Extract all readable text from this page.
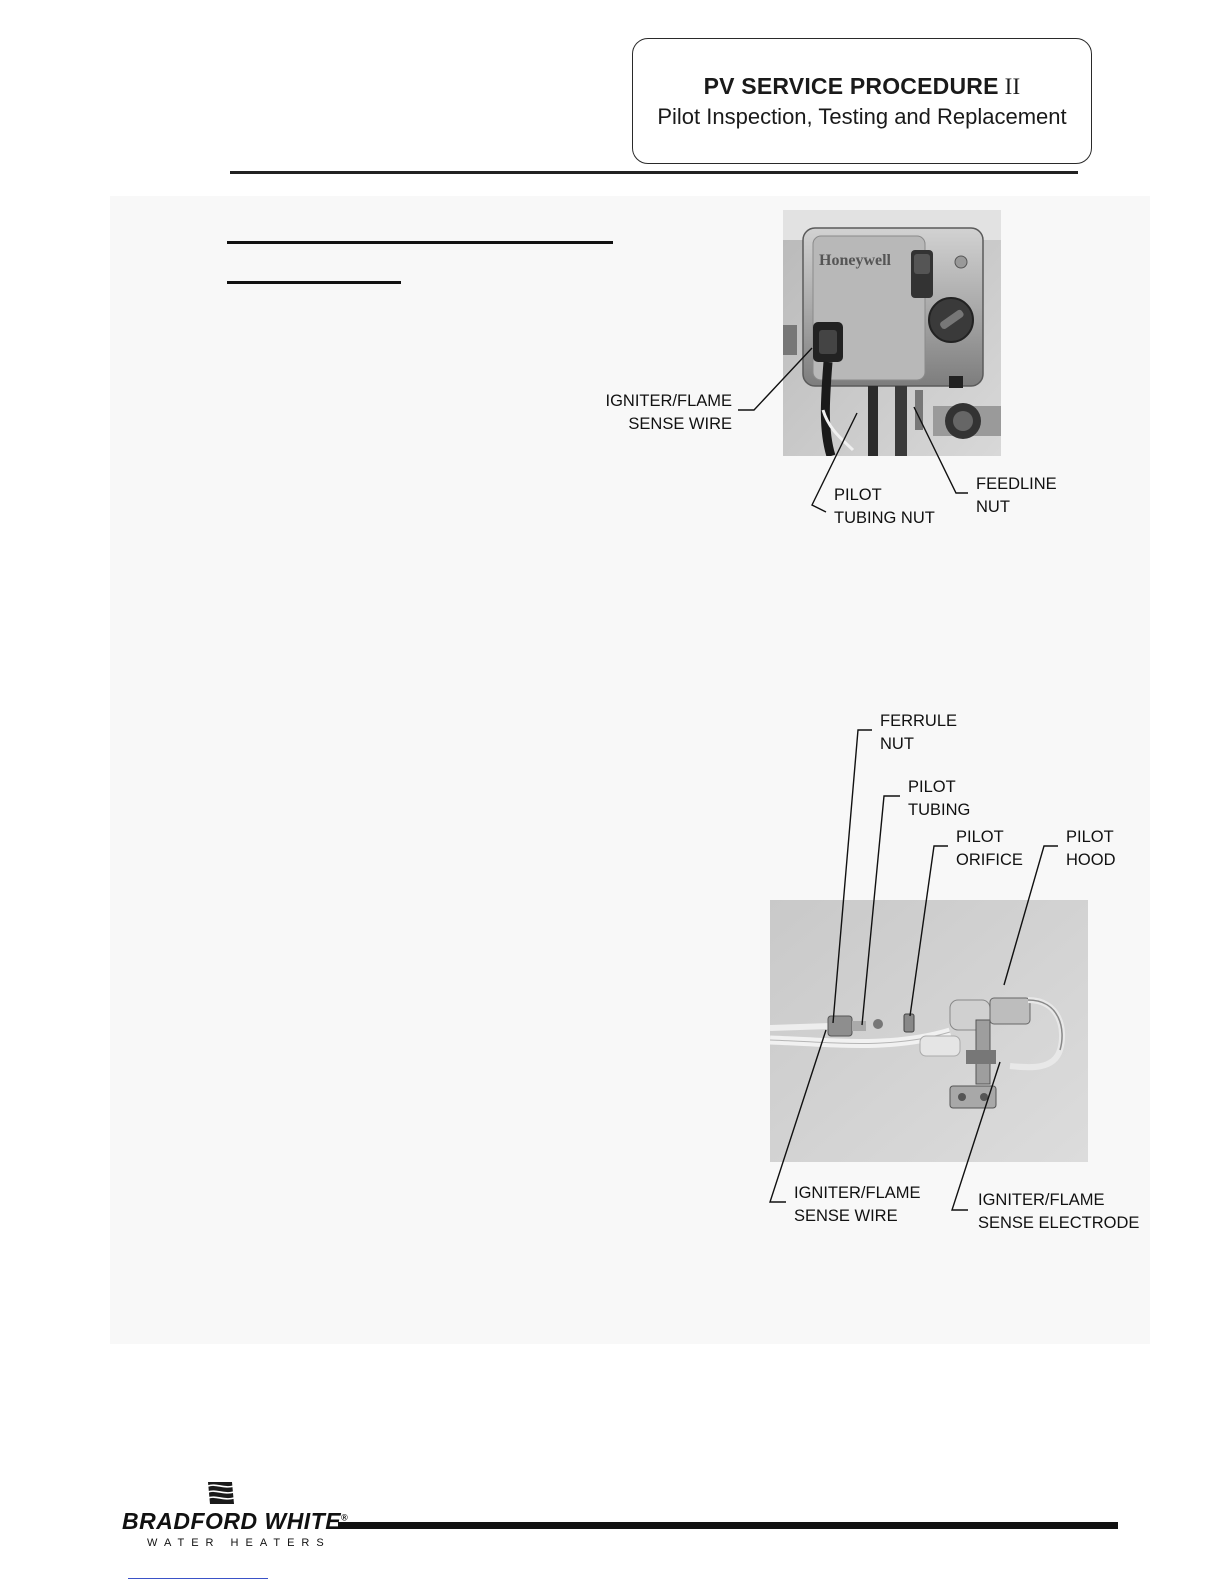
PV SERVICE PROCEDURE II
Pilot Inspection, Testing and Replacement
Honeywell
IGNITER/FLAME
SENSE WIRE
PILOT
TUBING NUT
FEEDLINE
NUT
FERRULE
NUT
PILOT
TUBING
PILOT
ORIFICE
PILOT
HOOD
IGNITER/FLAME
SENSE WIRE
IGNITER/FLAME
SENSE ELECTRODE
BRADFORD WHITE®
WATER HEATERS
